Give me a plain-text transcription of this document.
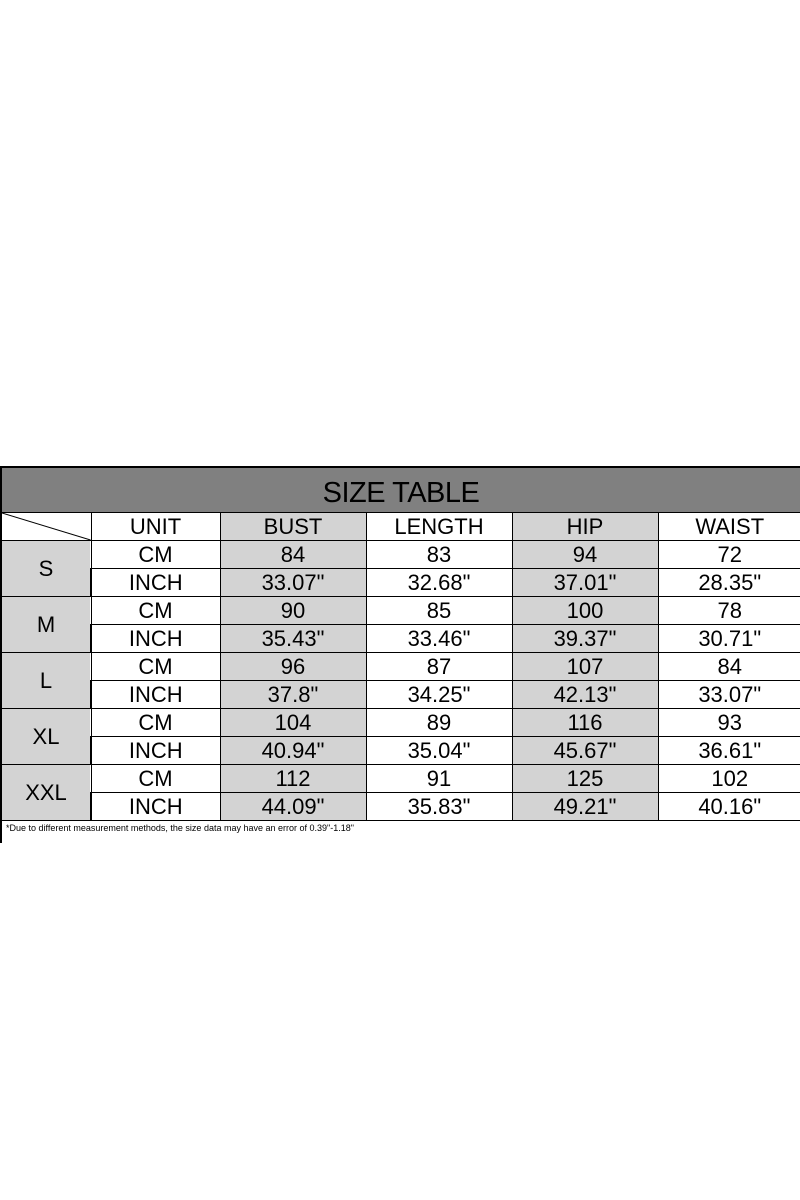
SIZE TABLE
	UNIT	BUST	LENGTH	HIP	WAIST
S	CM	84	83	94	72
	INCH	33.07"	32.68"	37.01"	28.35"
M	CM	90	85	100	78
	INCH	35.43"	33.46"	39.37"	30.71"
L	CM	96	87	107	84
	INCH	37.8"	34.25"	42.13"	33.07"
XL	CM	104	89	116	93
	INCH	40.94"	35.04"	45.67"	36.61"
XXL	CM	112	91	125	102
	INCH	44.09"	35.83"	49.21"	40.16"
*Due to different measurement methods, the size data may have an error of 0.39"-1.18"
